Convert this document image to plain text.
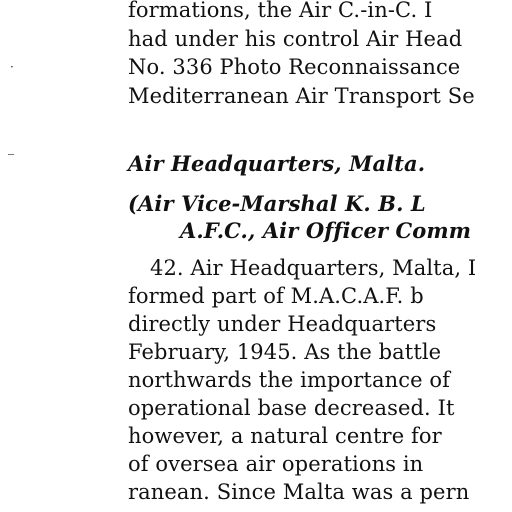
·
formations, the Air C.-in-C. I
had under his control Air Head
No. 336 Photo Reconnaissance
Mediterranean Air Transport Se
Air Headquarters, Malta.
(Air Vice-Marshal K. B. L
A.F.C., Air Officer Comm
42. Air Headquarters, Malta, I
formed part of M.A.C.A.F. b
directly under Headquarters
February, 1945. As the battle
northwards the importance of
operational base decreased. It
however, a natural centre for
of oversea air operations in
ranean. Since Malta was a pern
